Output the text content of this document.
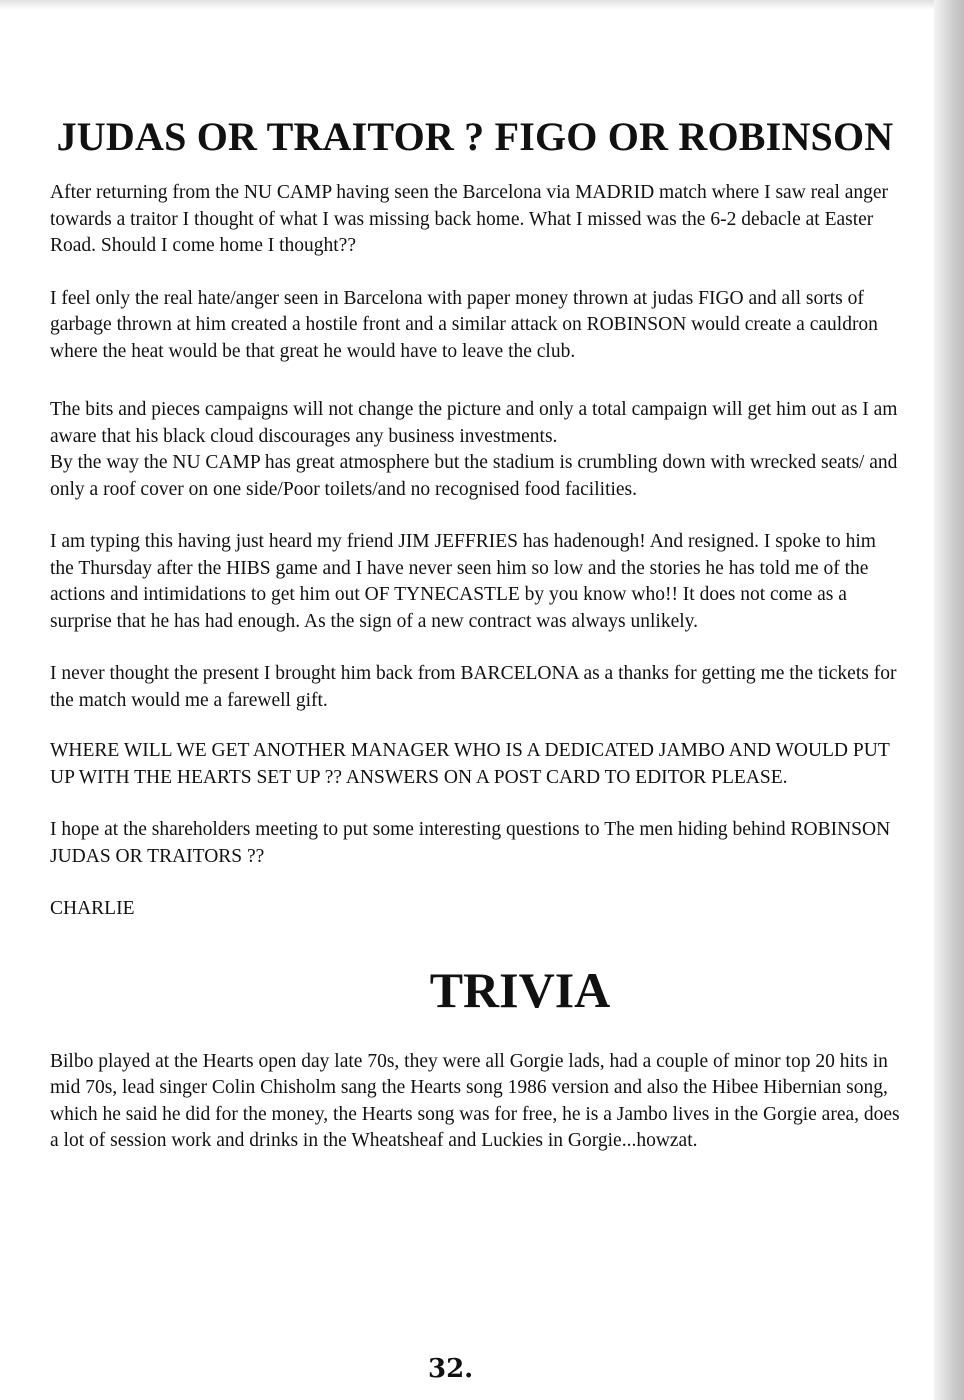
JUDAS OR TRAITOR ? FIGO OR ROBINSON

After returning from the NU CAMP having seen the Barcelona via MADRID match where I saw real anger towards a traitor I thought of what I was missing back home. What I missed was the 6-2 debacle at Easter Road. Should I come home I thought??

I feel only the real hate/anger seen in Barcelona with paper money thrown at judas FIGO and all sorts of garbage thrown at him created a hostile front and a similar attack on ROBINSON would create a cauldron where the heat would be that great he would have to leave the club.

The bits and pieces campaigns will not change the picture and only a total campaign will get him out as I am aware that his black cloud discourages any business investments.

By the way the NU CAMP has great atmosphere but the stadium is crumbling down with wrecked seats/ and only a roof cover on one side/Poor toilets/and no recognised food facilities.

I am typing this having just heard my friend JIM JEFFRIES has hadenough! And resigned. I spoke to him the Thursday after the HIBS game and I have never seen him so low and the stories he has told me of the actions and intimidations to get him out OF TYNECASTLE by you know who!! It does not come as a surprise that he has had enough. As the sign of a new contract was always unlikely.

I never thought the present I brought him back from BARCELONA as a thanks for getting me the tickets for the match would me a farewell gift.

WHERE WILL WE GET ANOTHER MANAGER WHO IS A DEDICATED JAMBO AND WOULD PUT UP WITH THE HEARTS SET UP ?? ANSWERS ON A POST CARD TO EDITOR PLEASE.

I hope at the shareholders meeting to put some interesting questions to The men hiding behind ROBINSON JUDAS OR TRAITORS ??

CHARLIE

TRIVIA

Bilbo played at the Hearts open day late 70s, they were all Gorgie lads, had a couple of minor top 20 hits in mid 70s, lead singer Colin Chisholm sang the Hearts song 1986 version and also the Hibee Hibernian song, which he said he did for the money, the Hearts song was for free, he is a Jambo lives in the Gorgie area, does a lot of session work and drinks in the Wheatsheaf and Luckies in Gorgie...howzat.

32.
